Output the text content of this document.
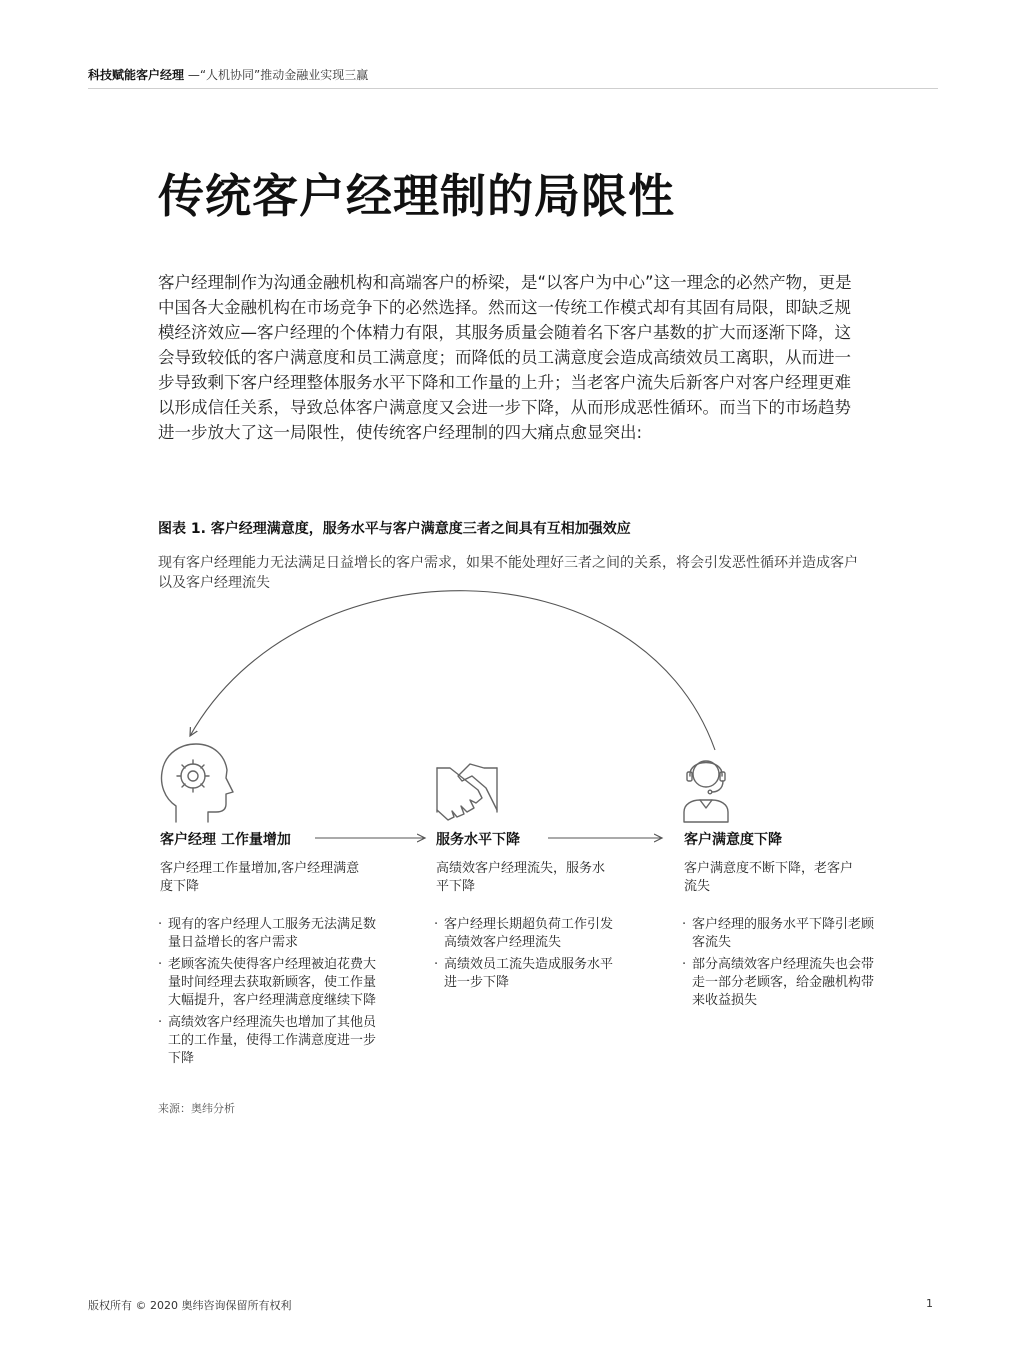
科技赋能客户经理 —“人机协同”推动金融业实现三赢
传统客户经理制的局限性

客户经理制作为沟通金融机构和高端客户的桥梁，是“以客户为中心”这一理念的必然产物，更是中国各大金融机构在市场竞争下的必然选择。然而这一传统工作模式却有其固有局限，即缺乏规模经济效应—客户经理的个体精力有限，其服务质量会随着名下客户基数的扩大而逐渐下降，这会导致较低的客户满意度和员工满意度；而降低的员工满意度会造成高绩效员工离职，从而进一步导致剩下客户经理整体服务水平下降和工作量的上升；当老客户流失后新客户对客户经理更难以形成信任关系，导致总体客户满意度又会进一步下降，从而形成恶性循环。而当下的市场趋势进一步放大了这一局限性，使传统客户经理制的四大痛点愈显突出:

图表 1. 客户经理满意度，服务水平与客户满意度三者之间具有互相加强效应
现有客户经理能力无法满足日益增长的客户需求，如果不能处理好三者之间的关系，将会引发恶性循环并造成客户以及客户经理流失
客户经理 工作量增加
客户经理工作量增加,客户经理满意度下降
· 现有的客户经理人工服务无法满足数量日益增长的客户需求
· 老顾客流失使得客户经理被迫花费大量时间经理去获取新顾客，使工作量大幅提升，客户经理满意度继续下降
· 高绩效客户经理流失也增加了其他员工的工作量，使得工作满意度进一步下降
服务水平下降
高绩效客户经理流失，服务水平下降
· 客户经理长期超负荷工作引发高绩效客户经理流失
· 高绩效员工流失造成服务水平进一步下降
客户满意度下降
客户满意度不断下降，老客户流失
· 客户经理的服务水平下降引老顾客流失
· 部分高绩效客户经理流失也会带走一部分老顾客，给金融机构带来收益损失
来源：奥纬分析
版权所有 © 2020 奥纬咨询保留所有权利	1
